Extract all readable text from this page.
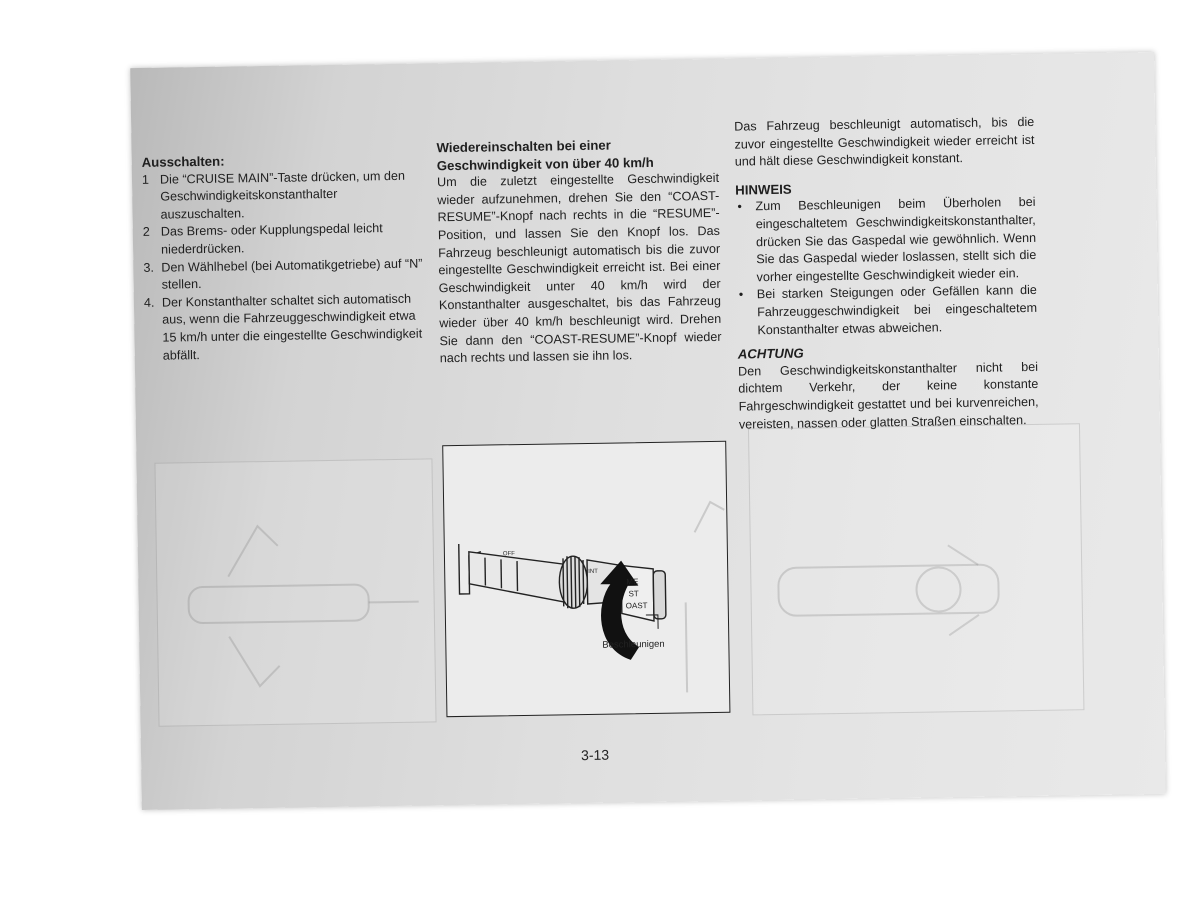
Ausschalten:
1 Die “CRUISE MAIN”-Taste drücken, um den Geschwindigkeitskonstanthalter auszuschalten.
2 Das Brems- oder Kupplungspedal leicht niederdrücken.
3. Den Wählhebel (bei Automatikgetriebe) auf “N” stellen.
4. Der Konstanthalter schaltet sich automatisch aus, wenn die Fahrzeuggeschwindigkeit etwa 15 km/h unter die eingestellte Geschwindigkeit abfällt.
Wiedereinschalten bei einer Geschwindigkeit von über 40 km/h
Um die zuletzt eingestellte Geschwindigkeit wieder aufzunehmen, drehen Sie den “COAST-RESUME”-Knopf nach rechts in die “RESUME”-Position, und lassen Sie den Knopf los. Das Fahrzeug beschleunigt automatisch bis die zuvor eingestellte Geschwindigkeit erreicht ist. Bei einer Geschwindigkeit unter 40 km/h wird der Konstanthalter ausgeschaltet, bis das Fahrzeug wieder über 40 km/h beschleunigt wird. Drehen Sie dann den “COAST-RESUME”-Knopf wieder nach rechts und lassen sie ihn los.
OFF
INT
ME
ST
OAST
Beschleunigen
Das Fahrzeug beschleunigt automatisch, bis die zuvor eingestellte Geschwindigkeit wieder erreicht ist und hält diese Geschwindigkeit konstant.
HINWEIS
• Zum Beschleunigen beim Überholen bei eingeschaltetem Geschwindigkeitskonstanthalter, drücken Sie das Gaspedal wie gewöhnlich. Wenn Sie das Gaspedal wieder loslassen, stellt sich die vorher eingestellte Geschwindigkeit wieder ein.
• Bei starken Steigungen oder Gefällen kann die Fahrzeuggeschwindigkeit bei eingeschaltetem Konstanthalter etwas abweichen.
ACHTUNG
Den Geschwindigkeitskonstanthalter nicht bei dichtem Verkehr, der keine konstante Fahrgeschwindigkeit gestattet und bei kurvenreichen, vereisten, nassen oder glatten Straßen einschalten.
3-13
